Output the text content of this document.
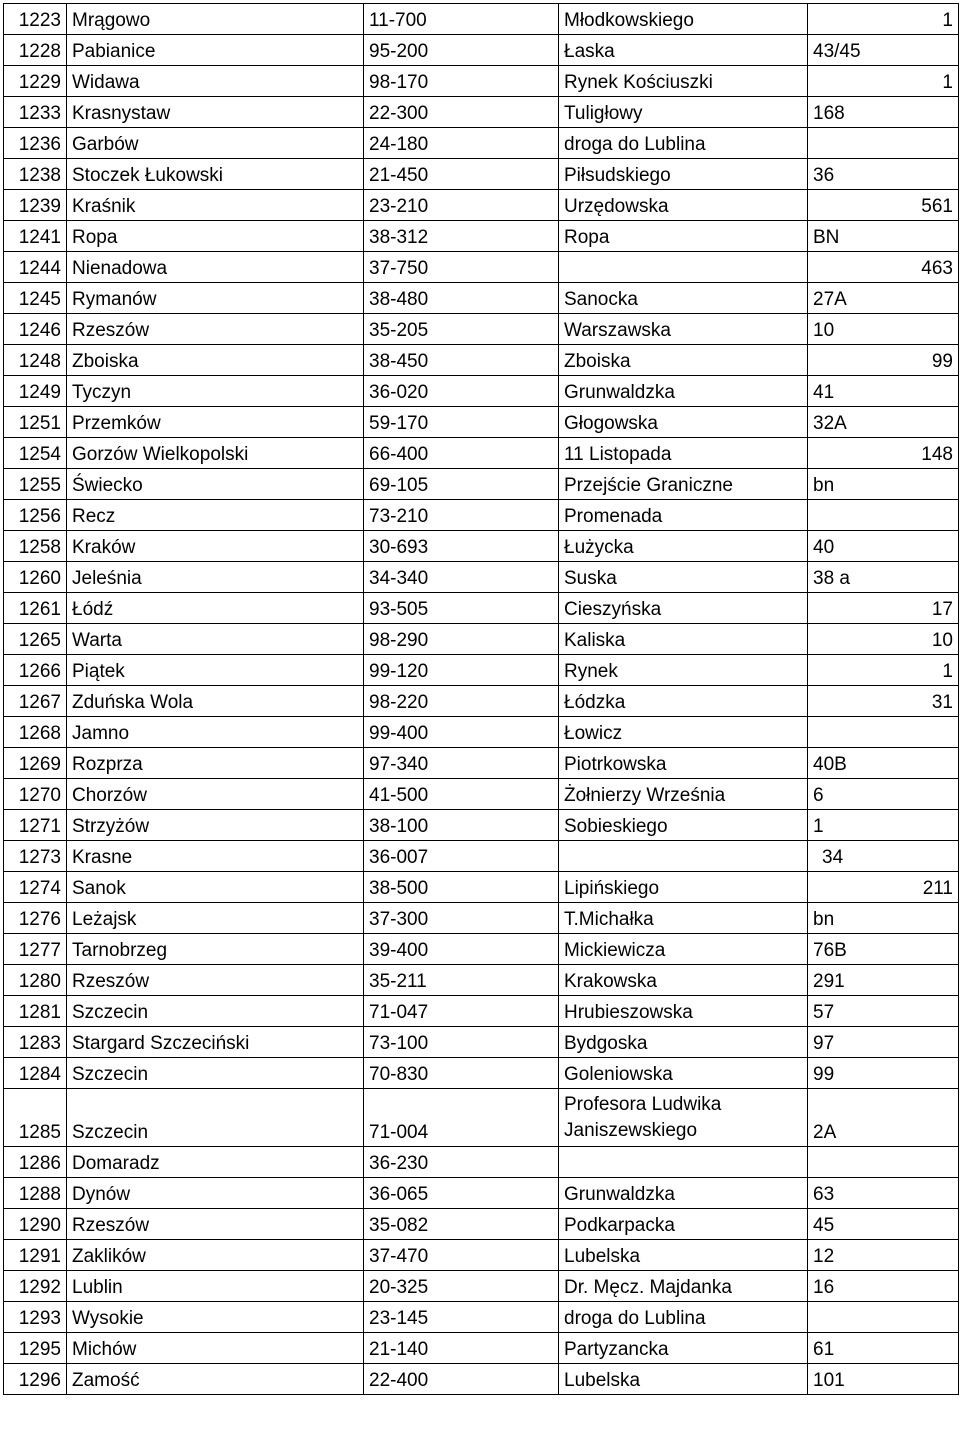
1223	Mrągowo	11-700	Młodkowskiego	1
1228	Pabianice	95-200	Łaska	43/45
1229	Widawa	98-170	Rynek Kościuszki	1
1233	Krasnystaw	22-300	Tuligłowy	168
1236	Garbów	24-180	droga do Lublina	
1238	Stoczek Łukowski	21-450	Piłsudskiego	36
1239	Kraśnik	23-210	Urzędowska	561
1241	Ropa	38-312	Ropa	BN
1244	Nienadowa	37-750		463
1245	Rymanów	38-480	Sanocka	27A
1246	Rzeszów	35-205	Warszawska	10
1248	Zboiska	38-450	Zboiska	99
1249	Tyczyn	36-020	Grunwaldzka	41
1251	Przemków	59-170	Głogowska	32A
1254	Gorzów Wielkopolski	66-400	11 Listopada	148
1255	Świecko	69-105	Przejście Graniczne	bn
1256	Recz	73-210	Promenada	
1258	Kraków	30-693	Łużycka	40
1260	Jeleśnia	34-340	Suska	38 a
1261	Łódź	93-505	Cieszyńska	17
1265	Warta	98-290	Kaliska	10
1266	Piątek	99-120	Rynek	1
1267	Zduńska Wola	98-220	Łódzka	31
1268	Jamno	99-400	Łowicz	
1269	Rozprza	97-340	Piotrkowska	40B
1270	Chorzów	41-500	Żołnierzy Września	6
1271	Strzyżów	38-100	Sobieskiego	1
1273	Krasne	36-007		34
1274	Sanok	38-500	Lipińskiego	211
1276	Leżajsk	37-300	T.Michałka	bn
1277	Tarnobrzeg	39-400	Mickiewicza	76B
1280	Rzeszów	35-211	Krakowska	291
1281	Szczecin	71-047	Hrubieszowska	57
1283	Stargard Szczeciński	73-100	Bydgoska	97
1284	Szczecin	70-830	Goleniowska	99
1285	Szczecin	71-004	Profesora Ludwika Janiszewskiego	2A
1286	Domaradz	36-230		
1288	Dynów	36-065	Grunwaldzka	63
1290	Rzeszów	35-082	Podkarpacka	45
1291	Zaklików	37-470	Lubelska	12
1292	Lublin	20-325	Dr. Męcz. Majdanka	16
1293	Wysokie	23-145	droga do Lublina	
1295	Michów	21-140	Partyzancka	61
1296	Zamość	22-400	Lubelska	101
